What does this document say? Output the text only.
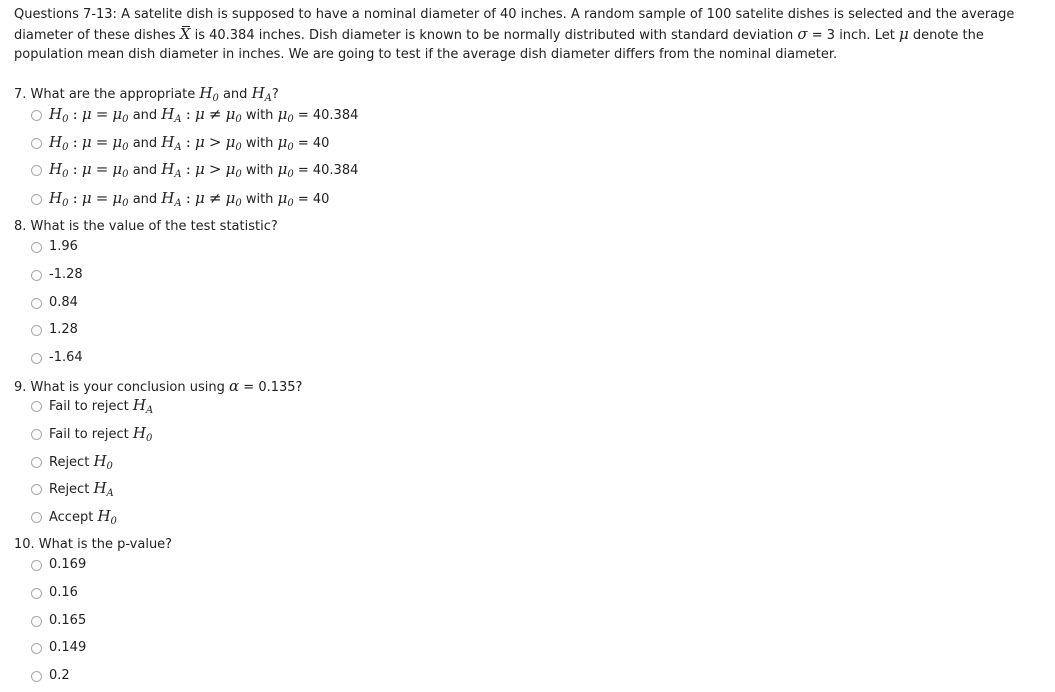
Questions 7-13: A satelite dish is supposed to have a nominal diameter of 40 inches. A random sample of 100 satelite dishes is selected and the average diameter of these dishes X is 40.384 inches. Dish diameter is known to be normally distributed with standard deviation σ = 3 inch. Let μ denote the population mean dish diameter in inches. We are going to test if the average dish diameter differs from the nominal diameter.
7. What are the appropriate $H_0$ and $H_A$?
$H_0$ : $\mu = \mu_0$ and $H_A$ : $\mu \ne \mu_0$ with $\mu_0 = 40.384$
$H_0$ : $\mu = \mu_0$ and $H_A$ : $\mu > \mu_0$ with $\mu_0 = 40$
$H_0$ : $\mu = \mu_0$ and $H_A$ : $\mu > \mu_0$ with $\mu_0 = 40.384$
$H_0$ : $\mu = \mu_0$ and $H_A$ : $\mu \ne \mu_0$ with $\mu_0 = 40$
8. What is the value of the test statistic?
1.96
-1.28
0.84
1.28
-1.64
9. What is your conclusion using α = 0.135?
Fail to reject $H_A$
Fail to reject $H_0$
Reject $H_0$
Reject $H_A$
Accept $H_0$
10. What is the p-value?
0.169
0.16
0.165
0.149
0.2
